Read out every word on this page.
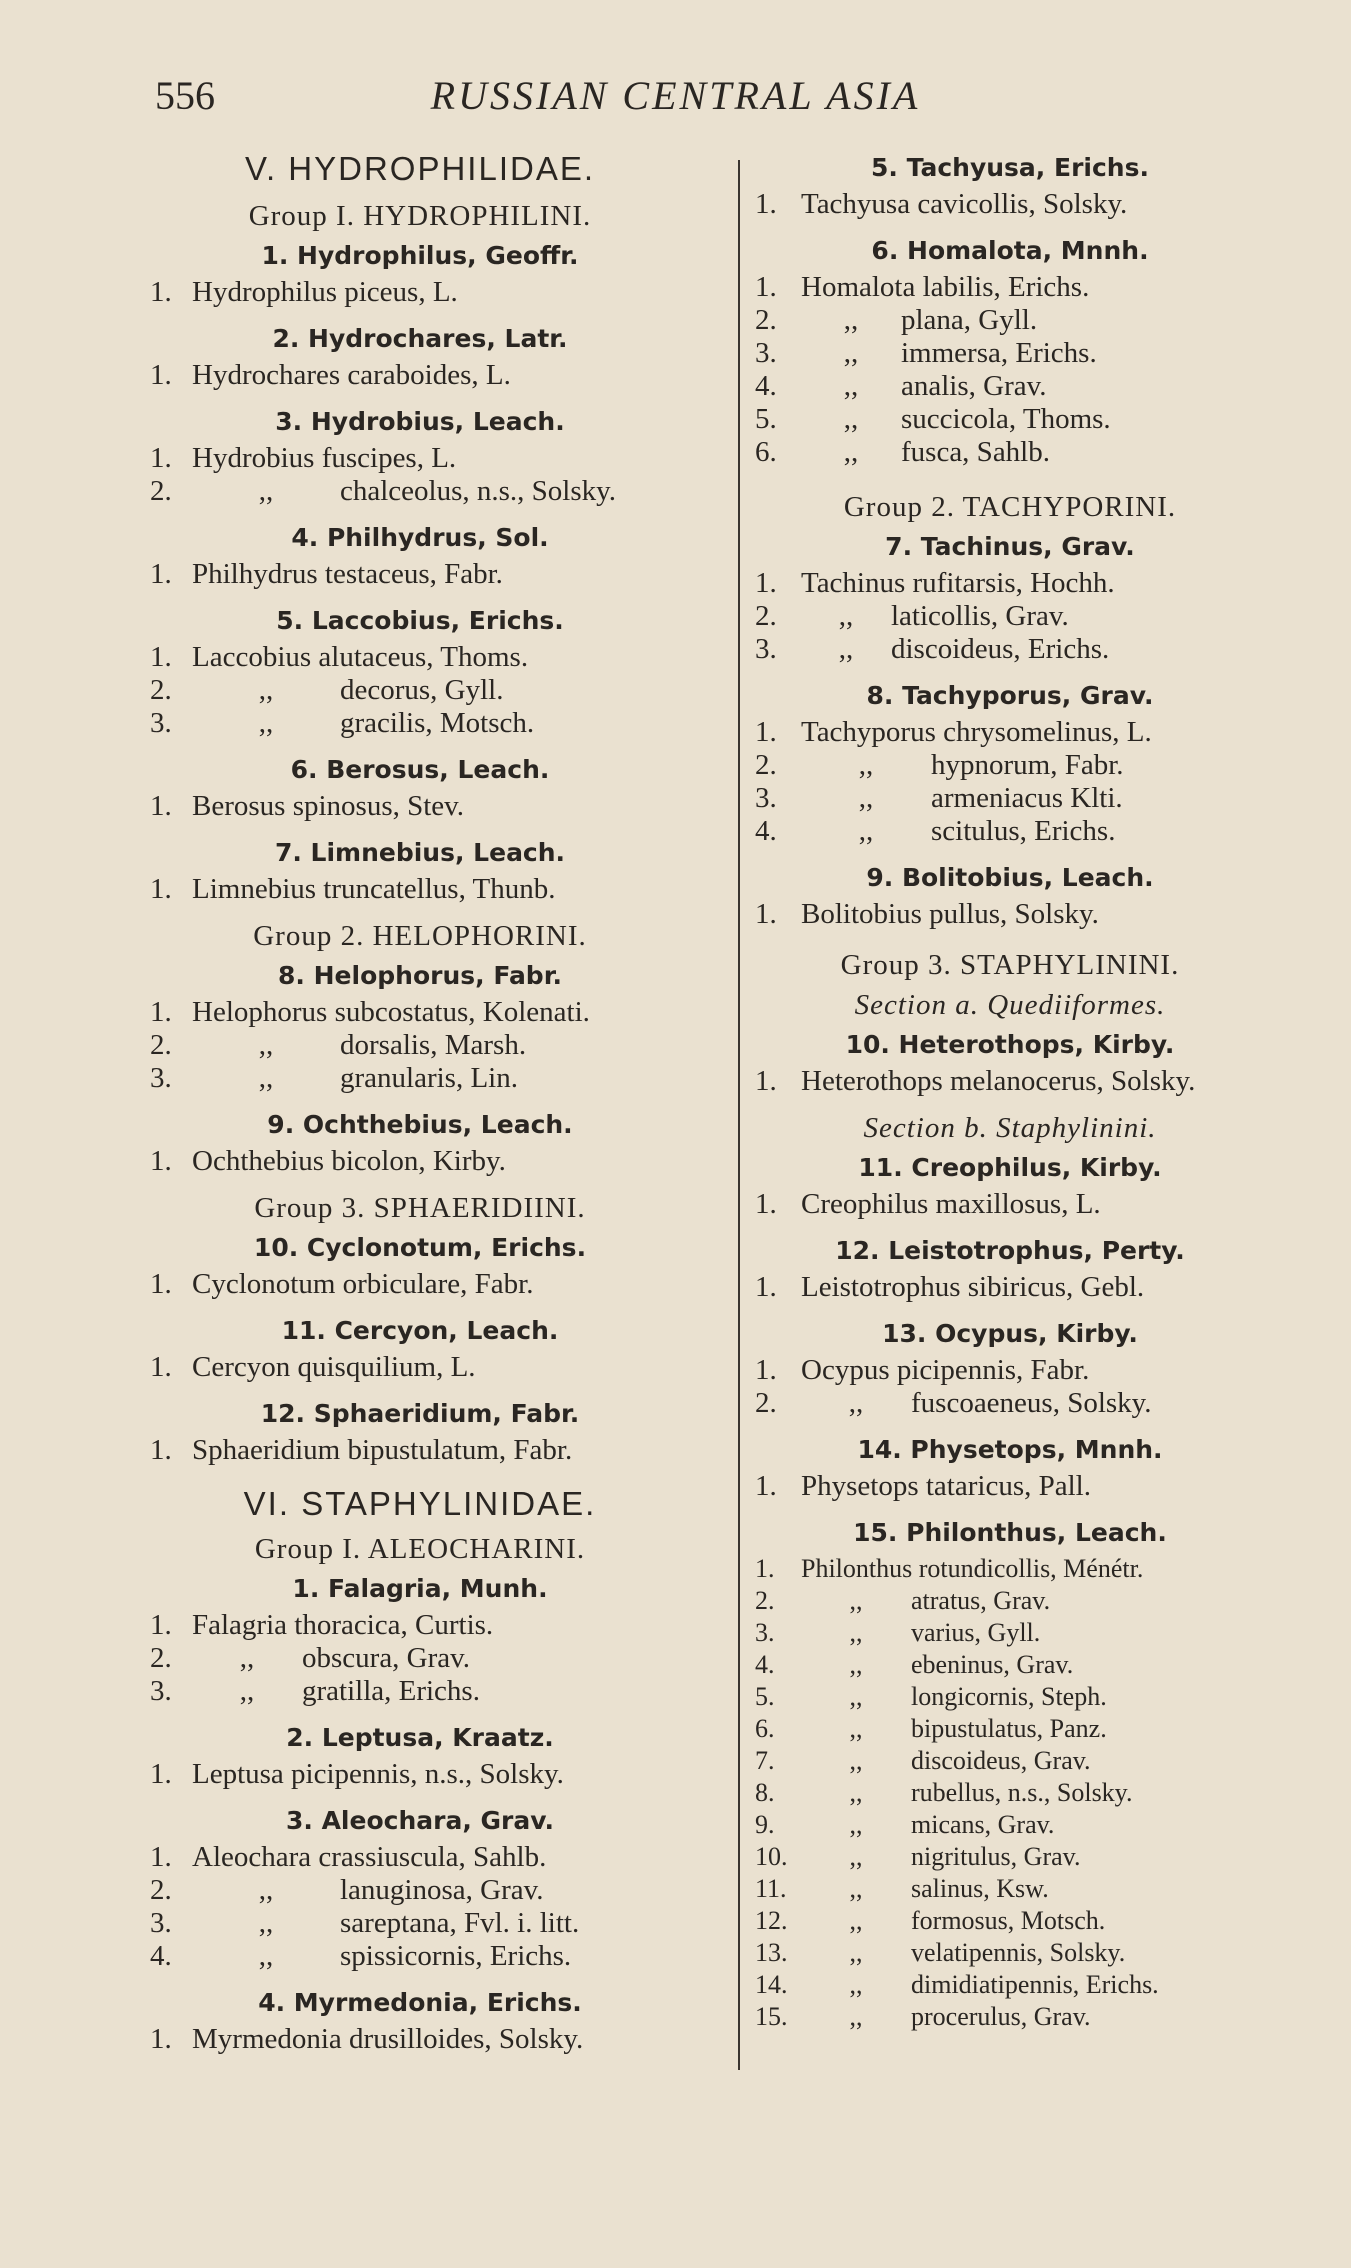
556	RUSSIAN CENTRAL ASIA
V. HYDROPHILIDAE.
Group I. HYDROPHILINI.
1. Hydrophilus, Geoffr.
1. Hydrophilus piceus, L.
2. Hydrochares, Latr.
1. Hydrochares caraboides, L.
3. Hydrobius, Leach.
1. Hydrobius fuscipes, L.
2.	,,	chalceolus, n.s., Solsky.
4. Philhydrus, Sol.
1. Philhydrus testaceus, Fabr.
5. Laccobius, Erichs.
1. Laccobius alutaceus, Thoms.
2.	,,	decorus, Gyll.
3.	,,	gracilis, Motsch.
6. Berosus, Leach.
1. Berosus spinosus, Stev.
7. Limnebius, Leach.
1. Limnebius truncatellus, Thunb.
Group 2. HELOPHORINI.
8. Helophorus, Fabr.
1. Helophorus subcostatus, Kolenati.
2.	,,	dorsalis, Marsh.
3.	,,	granularis, Lin.
9. Ochthebius, Leach.
1. Ochthebius bicolon, Kirby.
Group 3. SPHAERIDIINI.
10. Cyclonotum, Erichs.
1. Cyclonotum orbiculare, Fabr.
11. Cercyon, Leach.
1. Cercyon quisquilium, L.
12. Sphaeridium, Fabr.
1. Sphaeridium bipustulatum, Fabr.
VI. STAPHYLINIDAE.
Group I. ALEOCHARINI.
1. Falagria, Munh.
1. Falagria thoracica, Curtis.
2.	,,	obscura, Grav.
3.	,,	gratilla, Erichs.
2. Leptusa, Kraatz.
1. Leptusa picipennis, n.s., Solsky.
3. Aleochara, Grav.
1. Aleochara crassiuscula, Sahlb.
2.	,,	lanuginosa, Grav.
3.	,,	sareptana, Fvl. i. litt.
4.	,,	spissicornis, Erichs.
4. Myrmedonia, Erichs.
1. Myrmedonia drusilloides, Solsky.
5. Tachyusa, Erichs.
1. Tachyusa cavicollis, Solsky.
6. Homalota, Mnnh.
1. Homalota labilis, Erichs.
2.	,,	plana, Gyll.
3.	,,	immersa, Erichs.
4.	,,	analis, Grav.
5.	,,	succicola, Thoms.
6.	,,	fusca, Sahlb.
Group 2. TACHYPORINI.
7. Tachinus, Grav.
1. Tachinus rufitarsis, Hochh.
2.	,,	laticollis, Grav.
3.	,,	discoideus, Erichs.
8. Tachyporus, Grav.
1. Tachyporus chrysomelinus, L.
2.	,,	hypnorum, Fabr.
3.	,,	armeniacus Klti.
4.	,,	scitulus, Erichs.
9. Bolitobius, Leach.
1. Bolitobius pullus, Solsky.
Group 3. STAPHYLININI.
Section a. Quediiformes.
10. Heterothops, Kirby.
1. Heterothops melanocerus, Solsky.
Section b. Staphylinini.
11. Creophilus, Kirby.
1. Creophilus maxillosus, L.
12. Leistotrophus, Perty.
1. Leistotrophus sibiricus, Gebl.
13. Ocypus, Kirby.
1. Ocypus picipennis, Fabr.
2.	,,	fuscoaeneus, Solsky.
14. Physetops, Mnnh.
1. Physetops tataricus, Pall.
15. Philonthus, Leach.
1.	Philonthus rotundicollis, Ménétr.
2.	,,	atratus, Grav.
3.	,,	varius, Gyll.
4.	,,	ebeninus, Grav.
5.	,,	longicornis, Steph.
6.	,,	bipustulatus, Panz.
7.	,,	discoideus, Grav.
8.	,,	rubellus, n.s., Solsky.
9.	,,	micans, Grav.
10.	,,	nigritulus, Grav.
11.	,,	salinus, Ksw.
12.	,,	formosus, Motsch.
13.	,,	velatipennis, Solsky.
14.	,,	dimidiatipennis, Erichs.
15.	,,	procerulus, Grav.
